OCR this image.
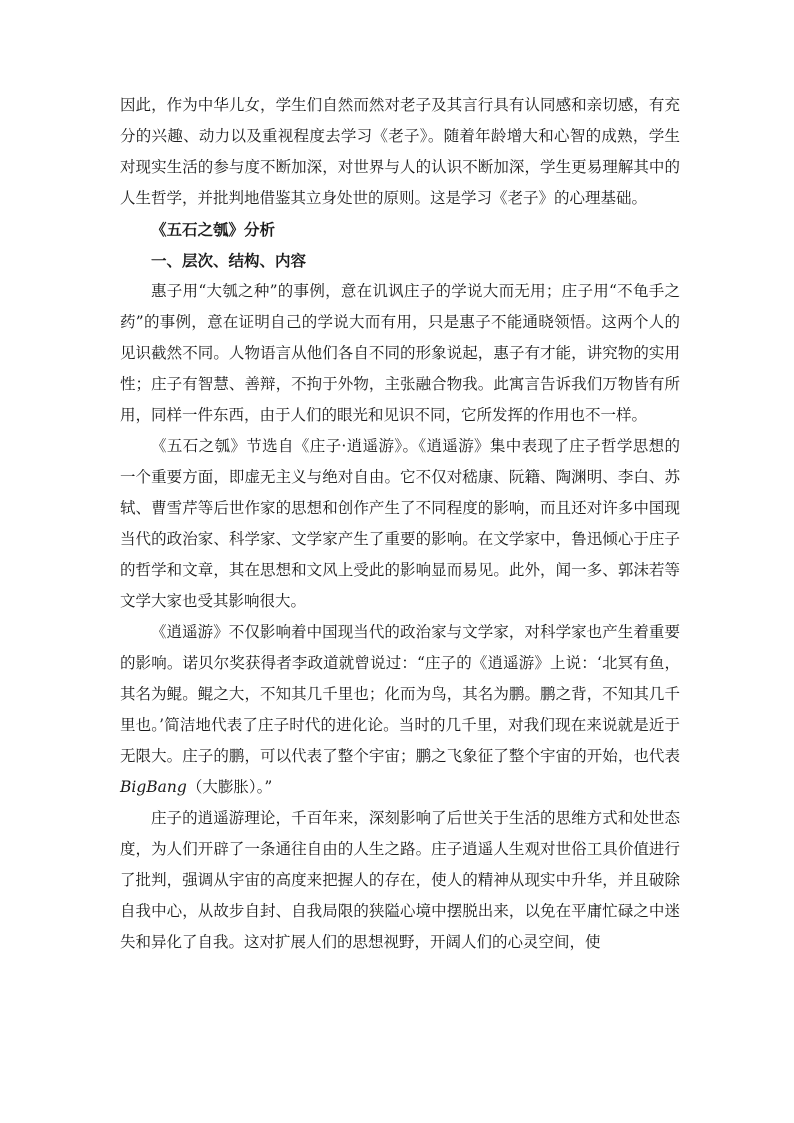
因此，作为中华儿女，学生们自然而然对老子及其言行具有认同感和亲切感，有充分的兴趣、动力以及重视程度去学习《老子》。随着年龄增大和心智的成熟，学生对现实生活的参与度不断加深，对世界与人的认识不断加深，学生更易理解其中的人生哲学，并批判地借鉴其立身处世的原则。这是学习《老子》的心理基础。

《五石之瓠》分析

一、层次、结构、内容

惠子用“大瓠之种”的事例，意在讥讽庄子的学说大而无用；庄子用“不龟手之药”的事例，意在证明自己的学说大而有用，只是惠子不能通晓领悟。这两个人的见识截然不同。人物语言从他们各自不同的形象说起，惠子有才能，讲究物的实用性；庄子有智慧、善辩，不拘于外物，主张融合物我。此寓言告诉我们万物皆有所用，同样一件东西，由于人们的眼光和见识不同，它所发挥的作用也不一样。

《五石之瓠》节选自《庄子·逍遥游》。《逍遥游》集中表现了庄子哲学思想的一个重要方面，即虚无主义与绝对自由。它不仅对嵇康、阮籍、陶渊明、李白、苏轼、曹雪芹等后世作家的思想和创作产生了不同程度的影响，而且还对许多中国现当代的政治家、科学家、文学家产生了重要的影响。在文学家中，鲁迅倾心于庄子的哲学和文章，其在思想和文风上受此的影响显而易见。此外，闻一多、郭沫若等文学大家也受其影响很大。

《逍遥游》不仅影响着中国现当代的政治家与文学家，对科学家也产生着重要的影响。诺贝尔奖获得者李政道就曾说过：“庄子的《逍遥游》上说：‘北冥有鱼，其名为鲲。鲲之大，不知其几千里也；化而为鸟，其名为鹏。鹏之背，不知其几千里也。’简洁地代表了庄子时代的进化论。当时的几千里，对我们现在来说就是近于无限大。庄子的鹏，可以代表了整个宇宙；鹏之飞象征了整个宇宙的开始，也代表 BigBang（大膨胀）。”

庄子的逍遥游理论，千百年来，深刻影响了后世关于生活的思维方式和处世态度，为人们开辟了一条通往自由的人生之路。庄子逍遥人生观对世俗工具价值进行了批判，强调从宇宙的高度来把握人的存在，使人的精神从现实中升华，并且破除自我中心，从故步自封、自我局限的狭隘心境中摆脱出来，以免在平庸忙碌之中迷失和异化了自我。这对扩展人们的思想视野，开阔人们的心灵空间，使
